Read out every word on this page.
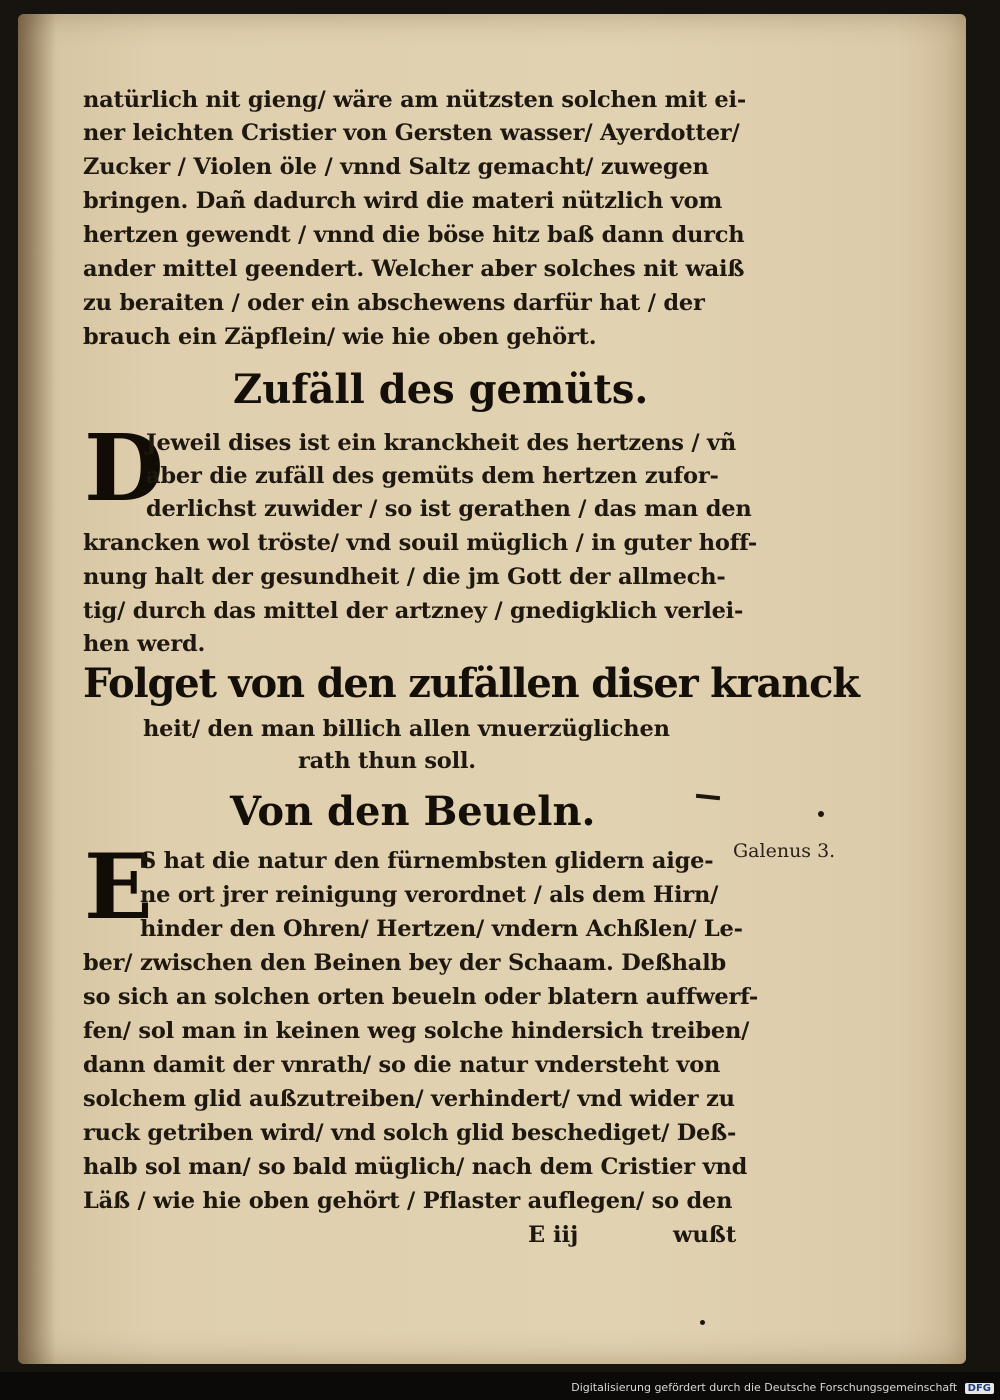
natürlich nit gieng/ wäre am nützsten solchen mit ei-
ner leichten Cristier von Gersten wasser/ Ayerdotter/
Zucker / Violen öle / vnnd Saltz gemacht/ zuwegen
bringen. Dañ dadurch wird die materi nützlich vom
hertzen gewendt / vnnd die böse hitz baß dann durch
ander mittel geendert. Welcher aber solches nit waiß
zu beraiten / oder ein abschewens darfür hat / der
brauch ein Zäpflein/ wie hie oben gehört.
Zufäll des gemüts.
D
Jeweil dises ist ein kranckheit des hertzens / vñ
aber die zufäll des gemüts dem hertzen zufor-
derlichst zuwider / so ist gerathen / das man den
krancken wol tröste/ vnd souil müglich / in guter hoff-
nung halt der gesundheit / die jm Gott der allmech-
tig/ durch das mittel der artzney / gnedigklich verlei-
hen werd.
Folget von den zufällen diser kranck
heit/ den man billich allen vnuerzüglichen
rath thun soll.
Von den Beueln.
Galenus 3.
E
S hat die natur den fürnembsten glidern aige-
ne ort jrer reinigung verordnet / als dem Hirn/
hinder den Ohren/ Hertzen/ vndern Achßlen/ Le-
ber/ zwischen den Beinen bey der Schaam. Deßhalb
so sich an solchen orten beueln oder blatern auffwerf-
fen/ sol man in keinen weg solche hindersich treiben/
dann damit der vnrath/ so die natur vndersteht von
solchem glid außzutreiben/ verhindert/ vnd wider zu
ruck getriben wird/ vnd solch glid beschediget/ Deß-
halb sol man/ so bald müglich/ nach dem Cristier vnd
Läß / wie hie oben gehört / Pflaster auflegen/ so den
E iij	wußt
Digitalisierung gefördert durch die Deutsche Forschungsgemeinschaft DFG
